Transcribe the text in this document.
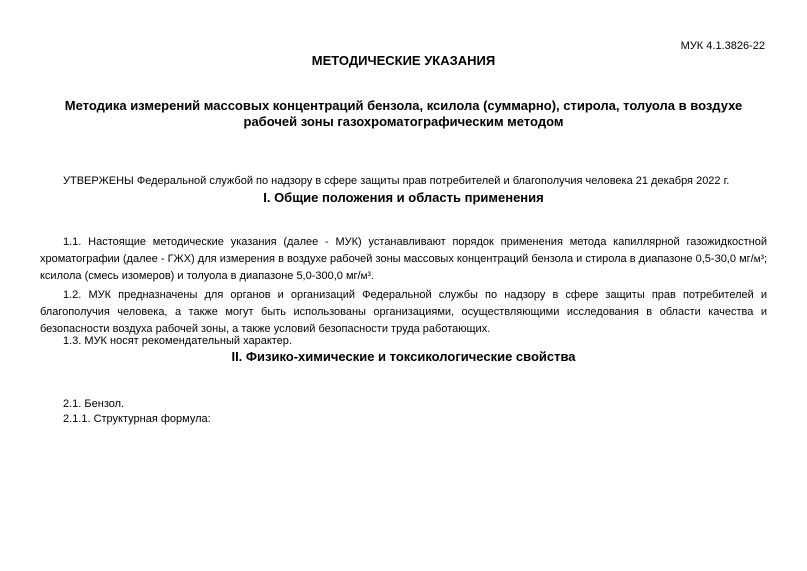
МУК 4.1.3826-22
МЕТОДИЧЕСКИЕ УКАЗАНИЯ
Методика измерений массовых концентраций бензола, ксилола (суммарно), стирола, толуола в воздухе рабочей зоны газохроматографическим методом
УТВЕРЖЕНЫ Федеральной службой по надзору в сфере защиты прав потребителей и благополучия человека 21 декабря 2022 г.
I. Общие положения и область применения
1.1. Настоящие методические указания (далее - МУК) устанавливают порядок применения метода капиллярной газожидкостной хроматографии (далее - ГЖХ) для измерения в воздухе рабочей зоны массовых концентраций бензола и стирола в диапазоне 0,5-30,0 мг/м³; ксилола (смесь изомеров) и толуола в диапазоне 5,0-300,0 мг/м³.
1.2. МУК предназначены для органов и организаций Федеральной службы по надзору в сфере защиты прав потребителей и благополучия человека, а также могут быть использованы организациями, осуществляющими исследования в области качества и безопасности воздуха рабочей зоны, а также условий безопасности труда работающих.
1.3. МУК носят рекомендательный характер.
II. Физико-химические и токсикологические свойства
2.1. Бензол.
2.1.1. Структурная формула:
